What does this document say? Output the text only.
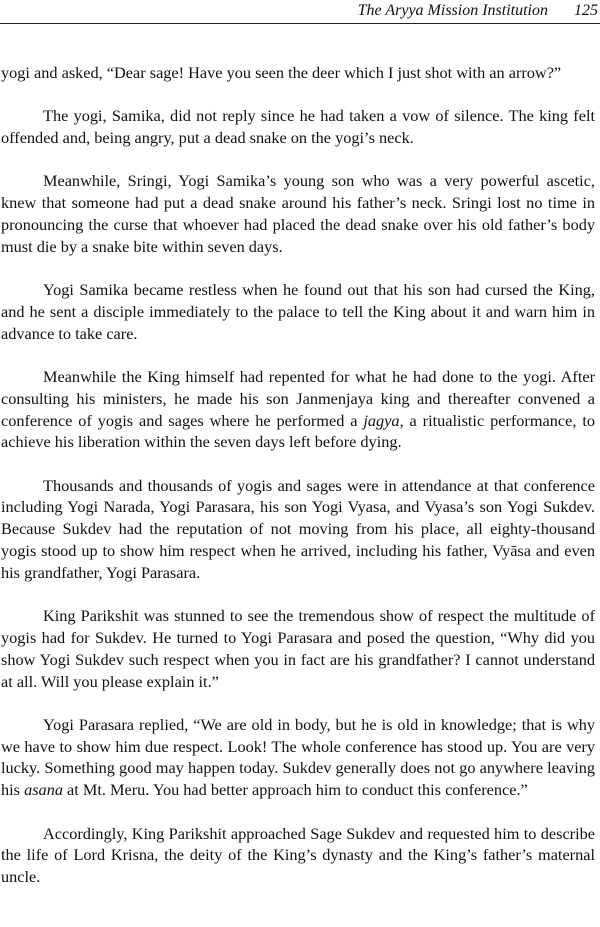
The Aryya Mission Institution 125

yogi and asked, “Dear sage! Have you seen the deer which I just shot with an arrow?”

The yogi, Samika, did not reply since he had taken a vow of silence. The king felt offended and, being angry, put a dead snake on the yogi’s neck.

Meanwhile, Sringi, Yogi Samika’s young son who was a very powerful ascetic, knew that someone had put a dead snake around his father’s neck. Sringi lost no time in pronouncing the curse that whoever had placed the dead snake over his old father’s body must die by a snake bite within seven days.

Yogi Samika became restless when he found out that his son had cursed the King, and he sent a disciple immediately to the palace to tell the King about it and warn him in advance to take care.

Meanwhile the King himself had repented for what he had done to the yogi. After consulting his ministers, he made his son Janmenjaya king and thereafter convened a conference of yogis and sages where he performed a jagya, a ritualistic performance, to achieve his liberation within the seven days left before dying.

Thousands and thousands of yogis and sages were in attendance at that conference including Yogi Narada, Yogi Parasara, his son Yogi Vyasa, and Vyasa’s son Yogi Sukdev. Because Sukdev had the reputation of not moving from his place, all eighty-thousand yogis stood up to show him respect when he arrived, including his father, Vyāsa and even his grandfather, Yogi Parasara.

King Parikshit was stunned to see the tremendous show of respect the multitude of yogis had for Sukdev. He turned to Yogi Parasara and posed the question, “Why did you show Yogi Sukdev such respect when you in fact are his grandfather? I cannot understand at all. Will you please explain it.”

Yogi Parasara replied, “We are old in body, but he is old in knowledge; that is why we have to show him due respect. Look! The whole conference has stood up. You are very lucky. Something good may happen today. Sukdev generally does not go anywhere leaving his asana at Mt. Meru. You had better approach him to conduct this conference.”

Accordingly, King Parikshit approached Sage Sukdev and requested him to describe the life of Lord Krisna, the deity of the King’s dynasty and the King’s father’s maternal uncle.
